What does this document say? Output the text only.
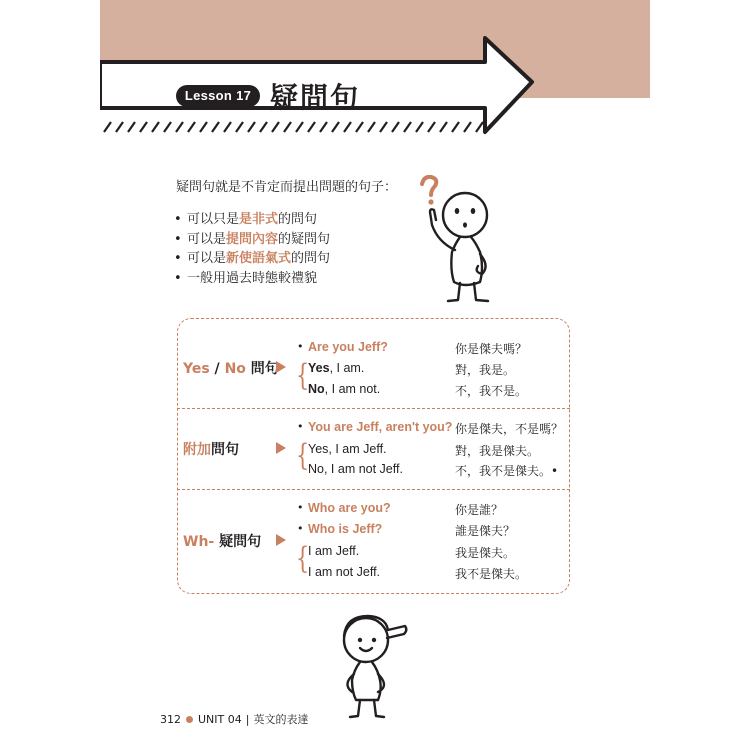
Lesson 17 疑問句
疑問句就是不肯定而提出問題的句子：
• 可以只是是非式的問句
• 可以是提問內容的疑問句
• 可以是新使語氣式的問句
• 一般用過去時態較禮貌
Yes / No 問句
• Are you Jeff?	你是傑夫嗎？
{
Yes, I am.	對，我是。
No, I am not.	不，我不是。
附加問句
• You are Jeff, aren't you? 你是傑夫，不是嗎？
{
Yes, I am Jeff.	對，我是傑夫。
No, I am not Jeff.	不，我不是傑夫。•
Wh- 疑問句
• Who are you?	你是誰？
• Who is Jeff?	誰是傑夫？
{
I am Jeff.	我是傑夫。
I am not Jeff.	我不是傑夫。
312 UNIT 04 | 英文的表達
